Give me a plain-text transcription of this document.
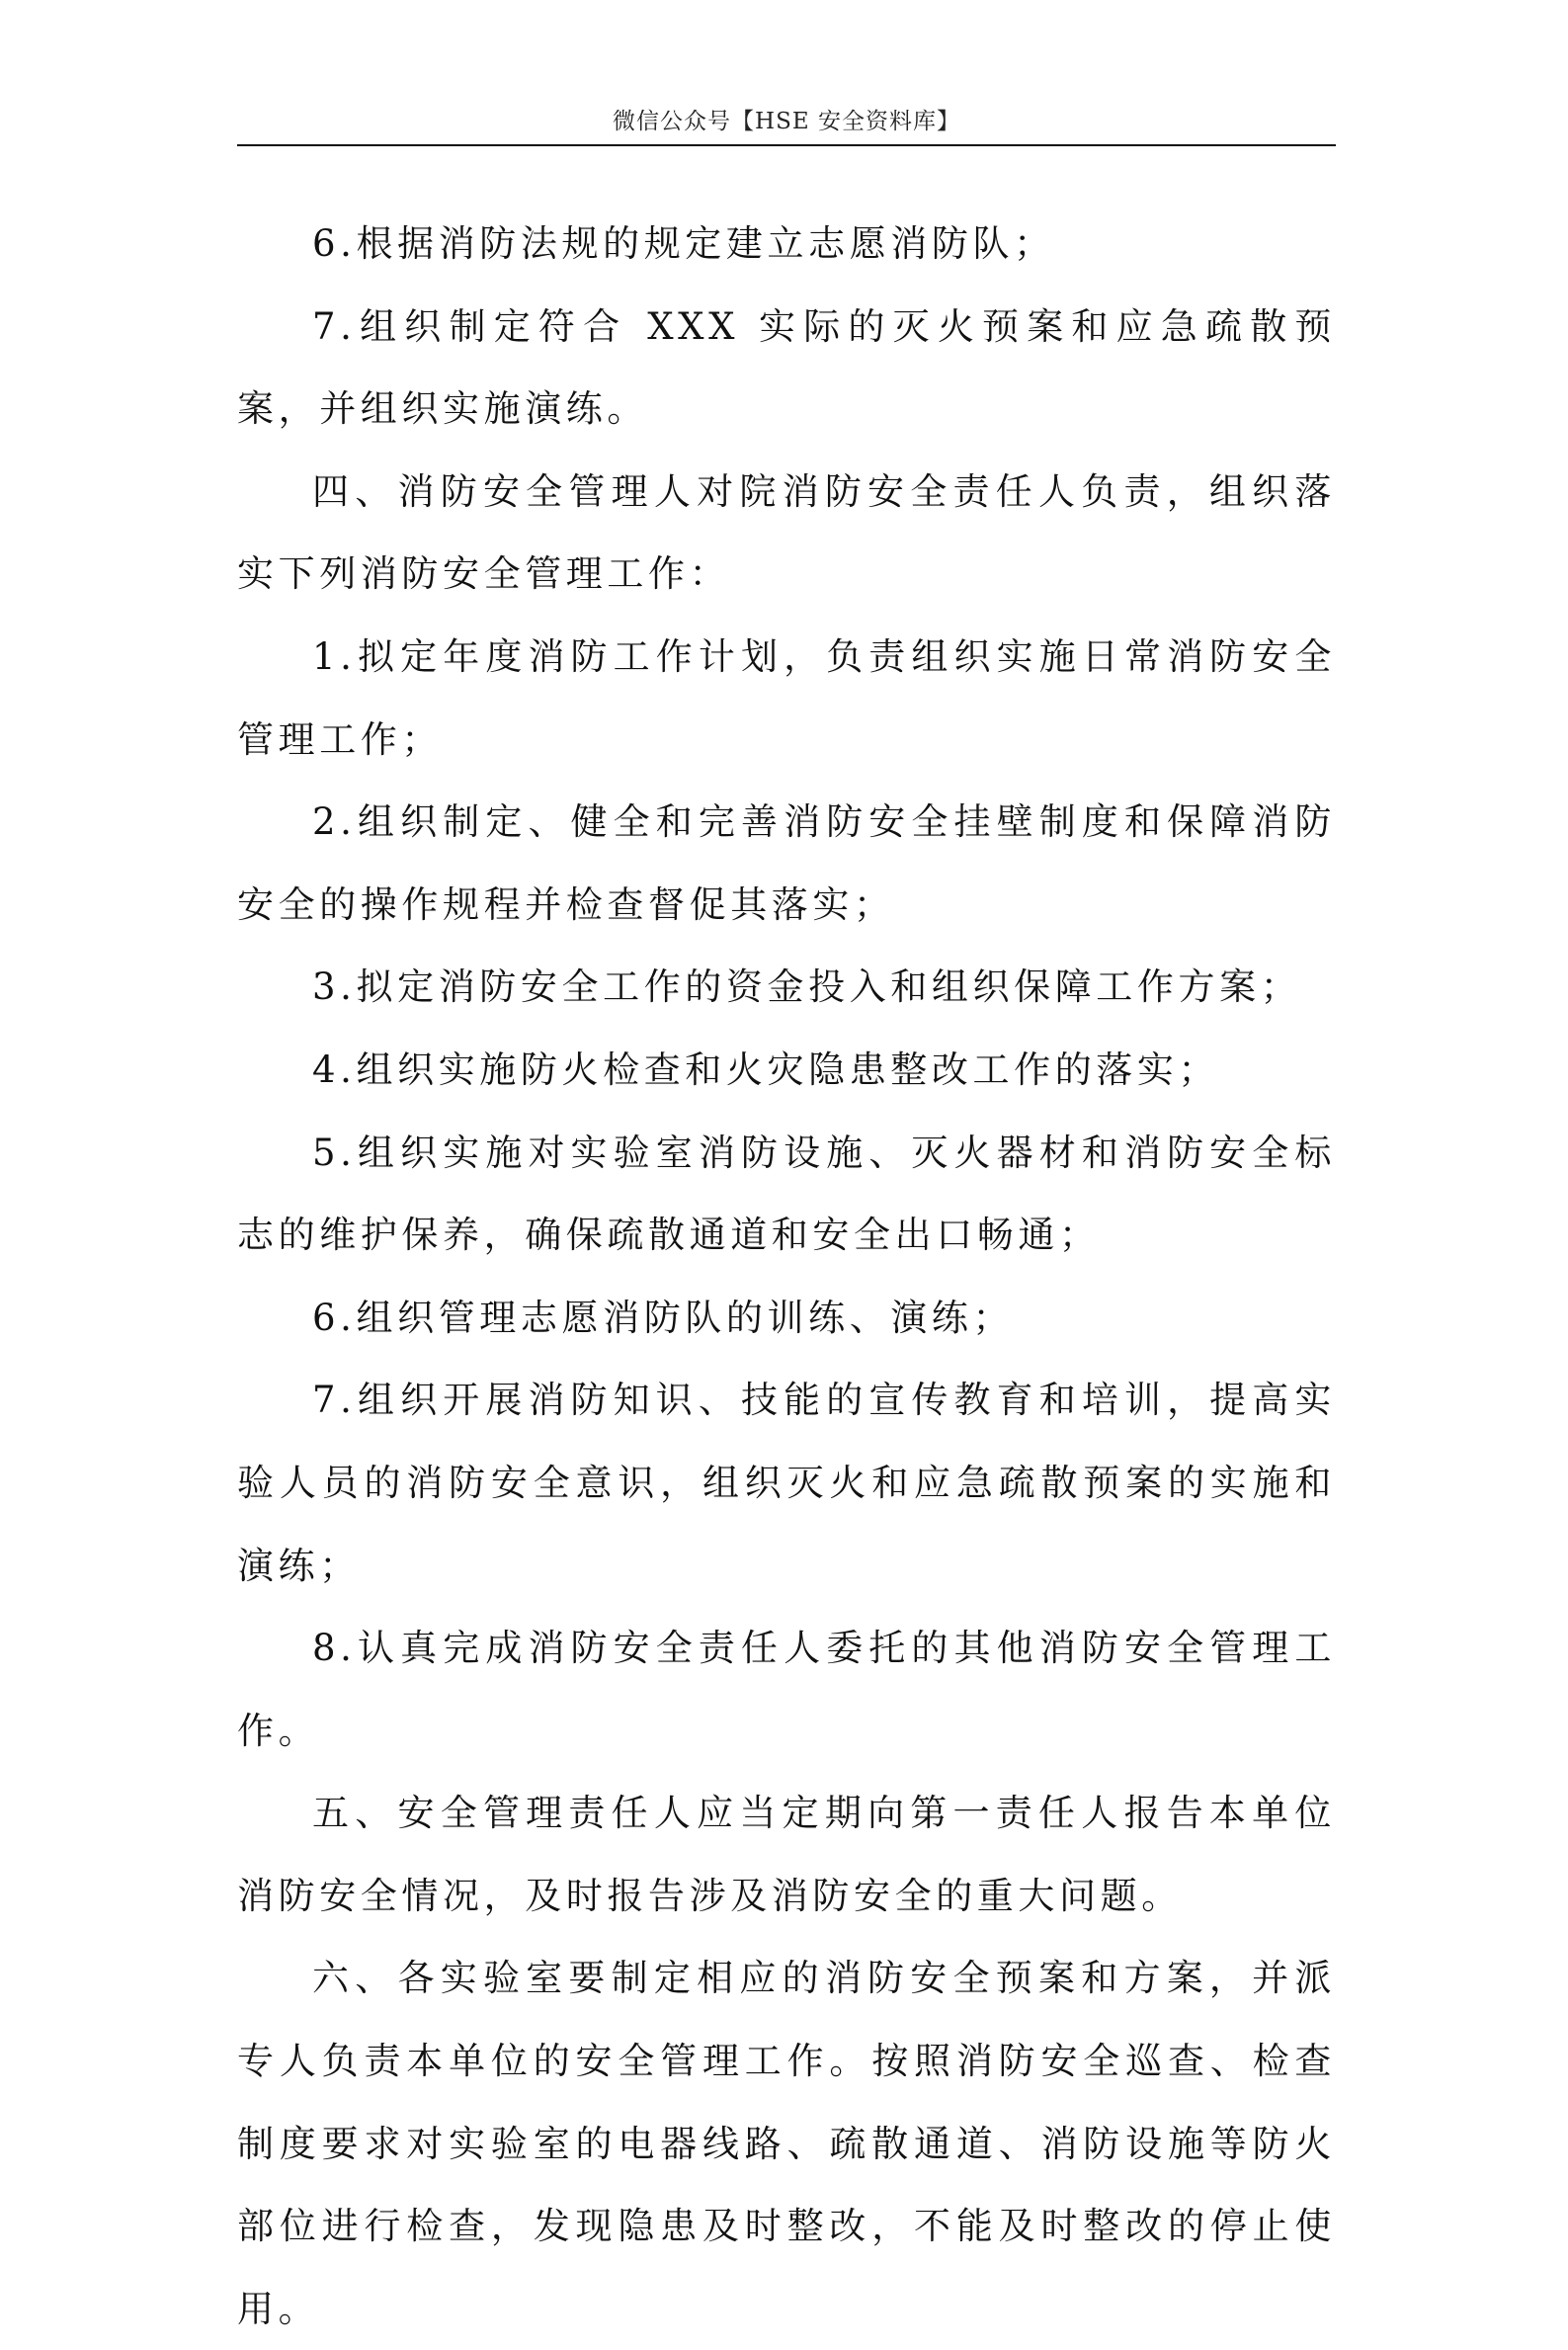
微信公众号【HSE 安全资料库】

6.根据消防法规的规定建立志愿消防队；

7.组织制定符合 XXX 实际的灭火预案和应急疏散预案，并组织实施演练。

四、消防安全管理人对院消防安全责任人负责，组织落实下列消防安全管理工作：

1.拟定年度消防工作计划，负责组织实施日常消防安全管理工作；

2.组织制定、健全和完善消防安全挂壁制度和保障消防安全的操作规程并检查督促其落实；

3.拟定消防安全工作的资金投入和组织保障工作方案；

4.组织实施防火检查和火灾隐患整改工作的落实；

5.组织实施对实验室消防设施、灭火器材和消防安全标志的维护保养，确保疏散通道和安全出口畅通；

6.组织管理志愿消防队的训练、演练；

7.组织开展消防知识、技能的宣传教育和培训，提高实验人员的消防安全意识，组织灭火和应急疏散预案的实施和演练；

8.认真完成消防安全责任人委托的其他消防安全管理工作。

五、安全管理责任人应当定期向第一责任人报告本单位消防安全情况，及时报告涉及消防安全的重大问题。

六、各实验室要制定相应的消防安全预案和方案，并派专人负责本单位的安全管理工作。按照消防安全巡查、检查制度要求对实验室的电器线路、疏散通道、消防设施等防火部位进行检查，发现隐患及时整改，不能及时整改的停止使用。
